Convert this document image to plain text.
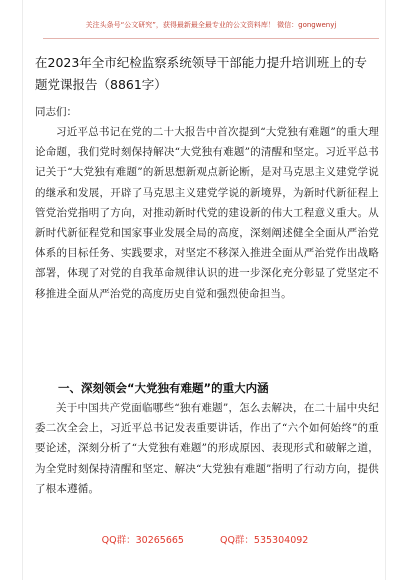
关注头条号“公文研究”，获得最新最全最专业的公文资料库！ 微信：gongwenyj
在2023年全市纪检监察系统领导干部能力提升培训班上的专题党课报告（8861字）

同志们：

习近平总书记在党的二十大报告中首次提到“大党独有难题”的重大理论命题，我们党时刻保持解决“大党独有难题”的清醒和坚定。习近平总书记关于“大党独有难题”的新思想新观点新论断，是对马克思主义建党学说的继承和发展，开辟了马克思主义建党学说的新境界，为新时代新征程上管党治党指明了方向，对推动新时代党的建设新的伟大工程意义重大。从新时代新征程党和国家事业发展全局的高度，深刻阐述健全全面从严治党体系的目标任务、实践要求，对坚定不移深入推进全面从严治党作出战略部署，体现了对党的自我革命规律认识的进一步深化充分彰显了党坚定不移推进全面从严治党的高度历史自觉和强烈使命担当。

一、深刻领会“大党独有难题”的重大内涵

关于中国共产党面临哪些“独有难题”，怎么去解决，在二十届中央纪委二次全会上，习近平总书记发表重要讲话，作出了“六个如何始终”的重要论述，深刻分析了“大党独有难题”的形成原因、表现形式和破解之道，为全党时刻保持清醒和坚定、解决“大党独有难题”指明了行动方向，提供了根本遵循。

QQ群：30265665	QQ群：535304092
